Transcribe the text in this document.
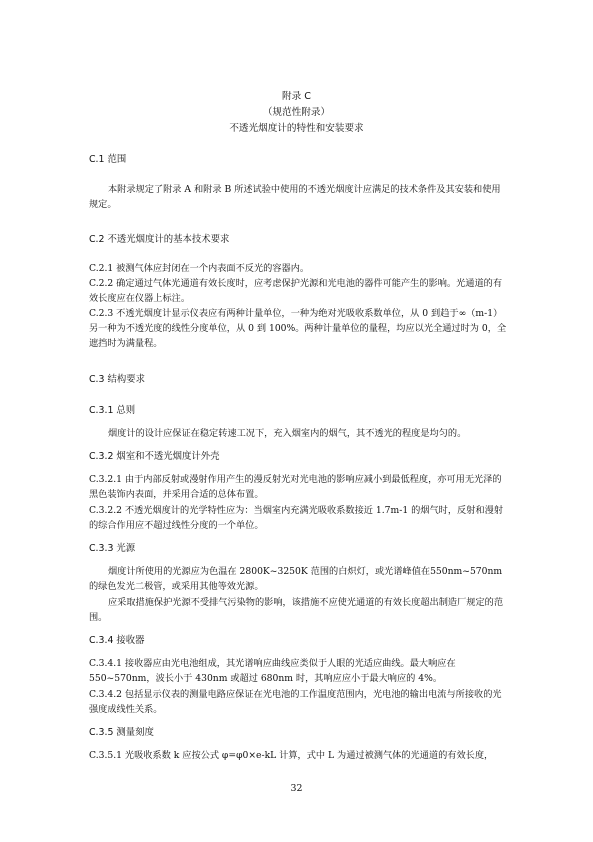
附录 C
（规范性附录）
不透光烟度计的特性和安装要求
C.1 范围
本附录规定了附录 A 和附录 B 所述试验中使用的不透光烟度计应满足的技术条件及其安装和使用规定。
C.2 不透光烟度计的基本技术要求
C.2.1 被测气体应封闭在一个内表面不反光的容器内。
C.2.2 确定通过气体光通道有效长度时，应考虑保护光源和光电池的器件可能产生的影响。光通道的有效长度应在仪器上标注。
C.2.3 不透光烟度计显示仪表应有两种计量单位，一种为绝对光吸收系数单位，从 0 到趋于∞（m-1）另一种为不透光度的线性分度单位，从 0 到 100%。两种计量单位的量程，均应以光全通过时为 0，全遮挡时为满量程。
C.3 结构要求
C.3.1 总则
烟度计的设计应保证在稳定转速工况下，充入烟室内的烟气，其不透光的程度是均匀的。
C.3.2 烟室和不透光烟度计外壳
C.3.2.1 由于内部反射或漫射作用产生的漫反射光对光电池的影响应减小到最低程度，亦可用无光泽的黑色装饰内表面，并采用合适的总体布置。
C.3.2.2 不透光烟度计的光学特性应为：当烟室内充满光吸收系数接近 1.7m-1 的烟气时，反射和漫射的综合作用应不超过线性分度的一个单位。
C.3.3 光源
烟度计所使用的光源应为色温在 2800K~3250K 范围的白炽灯，或光谱峰值在550nm~570nm 的绿色发光二极管，或采用其他等效光源。
应采取措施保护光源不受排气污染物的影响，该措施不应使光通道的有效长度超出制造厂规定的范围。
C.3.4 接收器
C.3.4.1 接收器应由光电池组成，其光谱响应曲线应类似于人眼的光适应曲线。最大响应在550~570nm，波长小于 430nm 或超过 680nm 时，其响应应小于最大响应的 4%。
C.3.4.2 包括显示仪表的测量电路应保证在光电池的工作温度范围内，光电池的输出电流与所接收的光强度成线性关系。
C.3.5 测量刻度
C.3.5.1 光吸收系数 k 应按公式 φ=φ0×e-kL 计算，式中 L 为通过被测气体的光通道的有效长度，
32
